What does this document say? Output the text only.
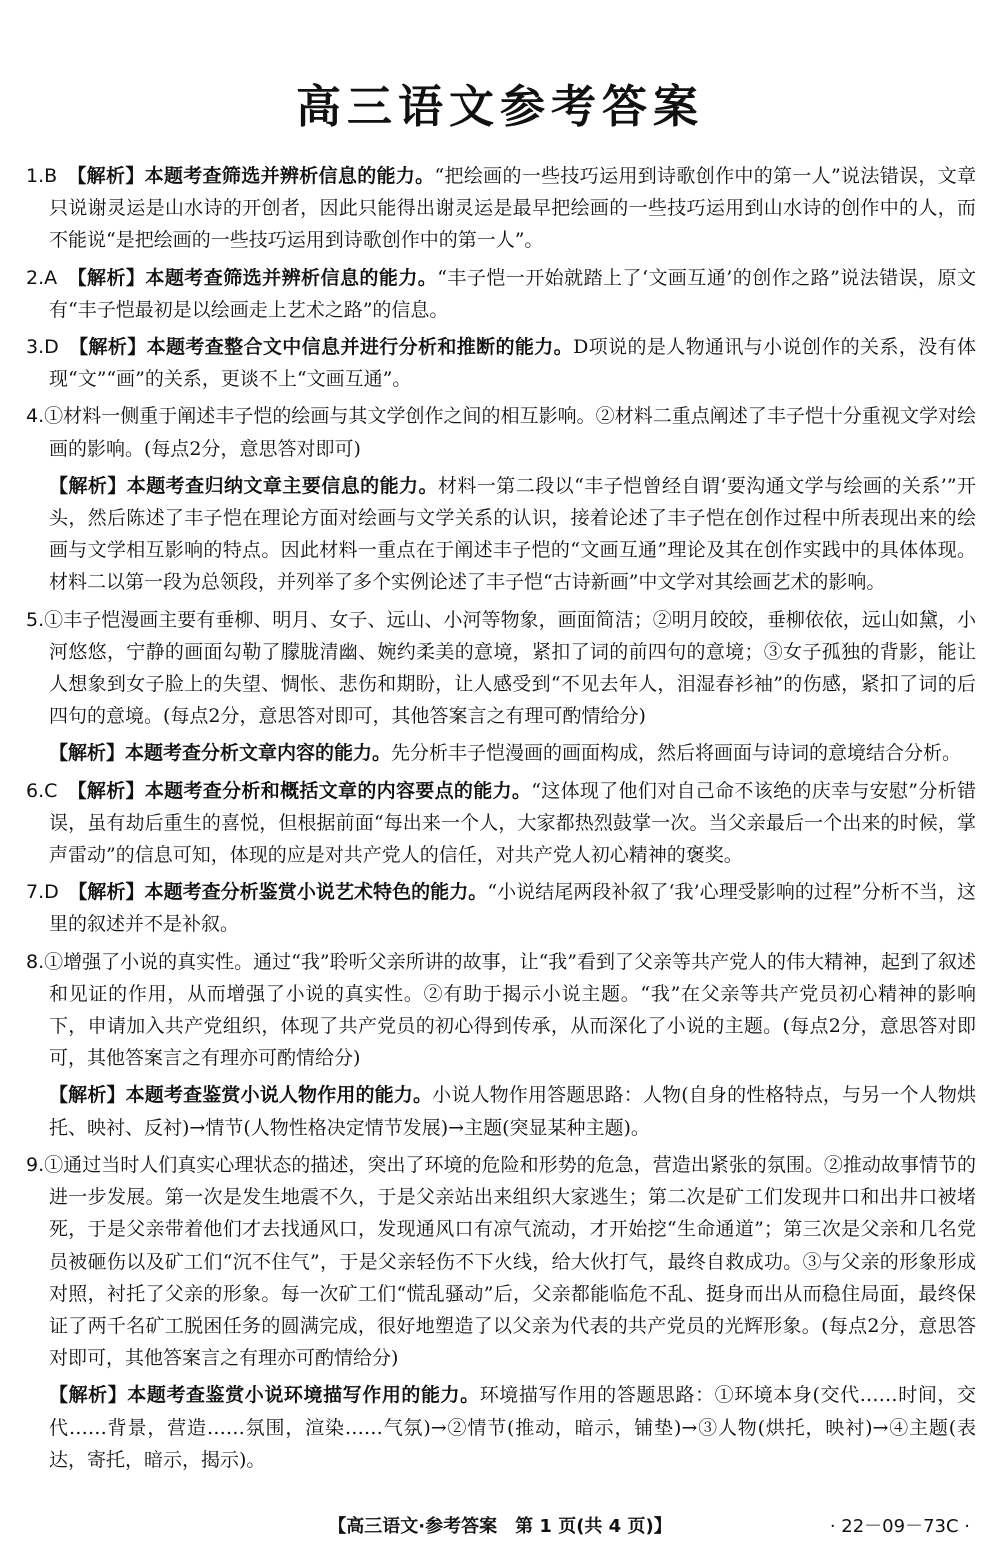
高三语文参考答案

1.B　 【解析】本题考查筛选并辨析信息的能力。“把绘画的一些技巧运用到诗歌创作中的第一人”说法错误，文章只说谢灵运是山水诗的开创者，因此只能得出谢灵运是最早把绘画的一些技巧运用到山水诗的创作中的人，而不能说“是把绘画的一些技巧运用到诗歌创作中的第一人”。

2.A　 【解析】本题考查筛选并辨析信息的能力。“丰子恺一开始就踏上了‘文画互通’的创作之路”说法错误，原文有“丰子恺最初是以绘画走上艺术之路”的信息。

3.D　 【解析】本题考查整合文中信息并进行分析和推断的能力。D项说的是人物通讯与小说创作的关系，没有体现“文”“画”的关系，更谈不上“文画互通”。

4.①材料一侧重于阐述丰子恺的绘画与其文学创作之间的相互影响。②材料二重点阐述了丰子恺十分重视文学对绘画的影响。(每点2分，意思答对即可)

【解析】本题考查归纳文章主要信息的能力。材料一第二段以“丰子恺曾经自谓‘要沟通文学与绘画的关系’”开头，然后陈述了丰子恺在理论方面对绘画与文学关系的认识，接着论述了丰子恺在创作过程中所表现出来的绘画与文学相互影响的特点。因此材料一重点在于阐述丰子恺的“文画互通”理论及其在创作实践中的具体体现。材料二以第一段为总领段，并列举了多个实例论述了丰子恺“古诗新画”中文学对其绘画艺术的影响。

5.①丰子恺漫画主要有垂柳、明月、女子、远山、小河等物象，画面简洁；②明月皎皎，垂柳依依，远山如黛，小河悠悠，宁静的画面勾勒了朦胧清幽、婉约柔美的意境，紧扣了词的前四句的意境；③女子孤独的背影，能让人想象到女子脸上的失望、惆怅、悲伤和期盼，让人感受到“不见去年人，泪湿春衫袖”的伤感，紧扣了词的后四句的意境。(每点2分，意思答对即可，其他答案言之有理可酌情给分)

【解析】本题考查分析文章内容的能力。先分析丰子恺漫画的画面构成，然后将画面与诗词的意境结合分析。

6.C　 【解析】本题考查分析和概括文章的内容要点的能力。“这体现了他们对自己命不该绝的庆幸与安慰”分析错误，虽有劫后重生的喜悦，但根据前面“每出来一个人，大家都热烈鼓掌一次。当父亲最后一个出来的时候，掌声雷动”的信息可知，体现的应是对共产党人的信任，对共产党人初心精神的褒奖。

7.D　 【解析】本题考查分析鉴赏小说艺术特色的能力。“小说结尾两段补叙了‘我’心理受影响的过程”分析不当，这里的叙述并不是补叙。

8.①增强了小说的真实性。通过“我”聆听父亲所讲的故事，让“我”看到了父亲等共产党人的伟大精神，起到了叙述和见证的作用，从而增强了小说的真实性。②有助于揭示小说主题。“我”在父亲等共产党员初心精神的影响下，申请加入共产党组织，体现了共产党员的初心得到传承，从而深化了小说的主题。(每点2分，意思答对即可，其他答案言之有理亦可酌情给分)

【解析】本题考查鉴赏小说人物作用的能力。小说人物作用答题思路：人物(自身的性格特点，与另一个人物烘托、映衬、反衬)→情节(人物性格决定情节发展)→主题(突显某种主题)。

9.①通过当时人们真实心理状态的描述，突出了环境的危险和形势的危急，营造出紧张的氛围。②推动故事情节的进一步发展。第一次是发生地震不久，于是父亲站出来组织大家逃生；第二次是矿工们发现井口和出井口被堵死，于是父亲带着他们才去找通风口，发现通风口有凉气流动，才开始挖“生命通道”；第三次是父亲和几名党员被砸伤以及矿工们“沉不住气”，于是父亲轻伤不下火线，给大伙打气，最终自救成功。③与父亲的形象形成对照，衬托了父亲的形象。每一次矿工们“慌乱骚动”后，父亲都能临危不乱、挺身而出从而稳住局面，最终保证了两千名矿工脱困任务的圆满完成，很好地塑造了以父亲为代表的共产党员的光辉形象。(每点2分，意思答对即可，其他答案言之有理亦可酌情给分)

【解析】本题考查鉴赏小说环境描写作用的能力。环境描写作用的答题思路：①环境本身(交代……时间，交代……背景，营造……氛围，渲染……气氛)→②情节(推动，暗示，铺垫)→③人物(烘托，映衬)→④主题(表达，寄托，暗示，揭示)。

【高三语文·参考答案　第 1 页(共 4 页)】	· 22－09－73C ·
